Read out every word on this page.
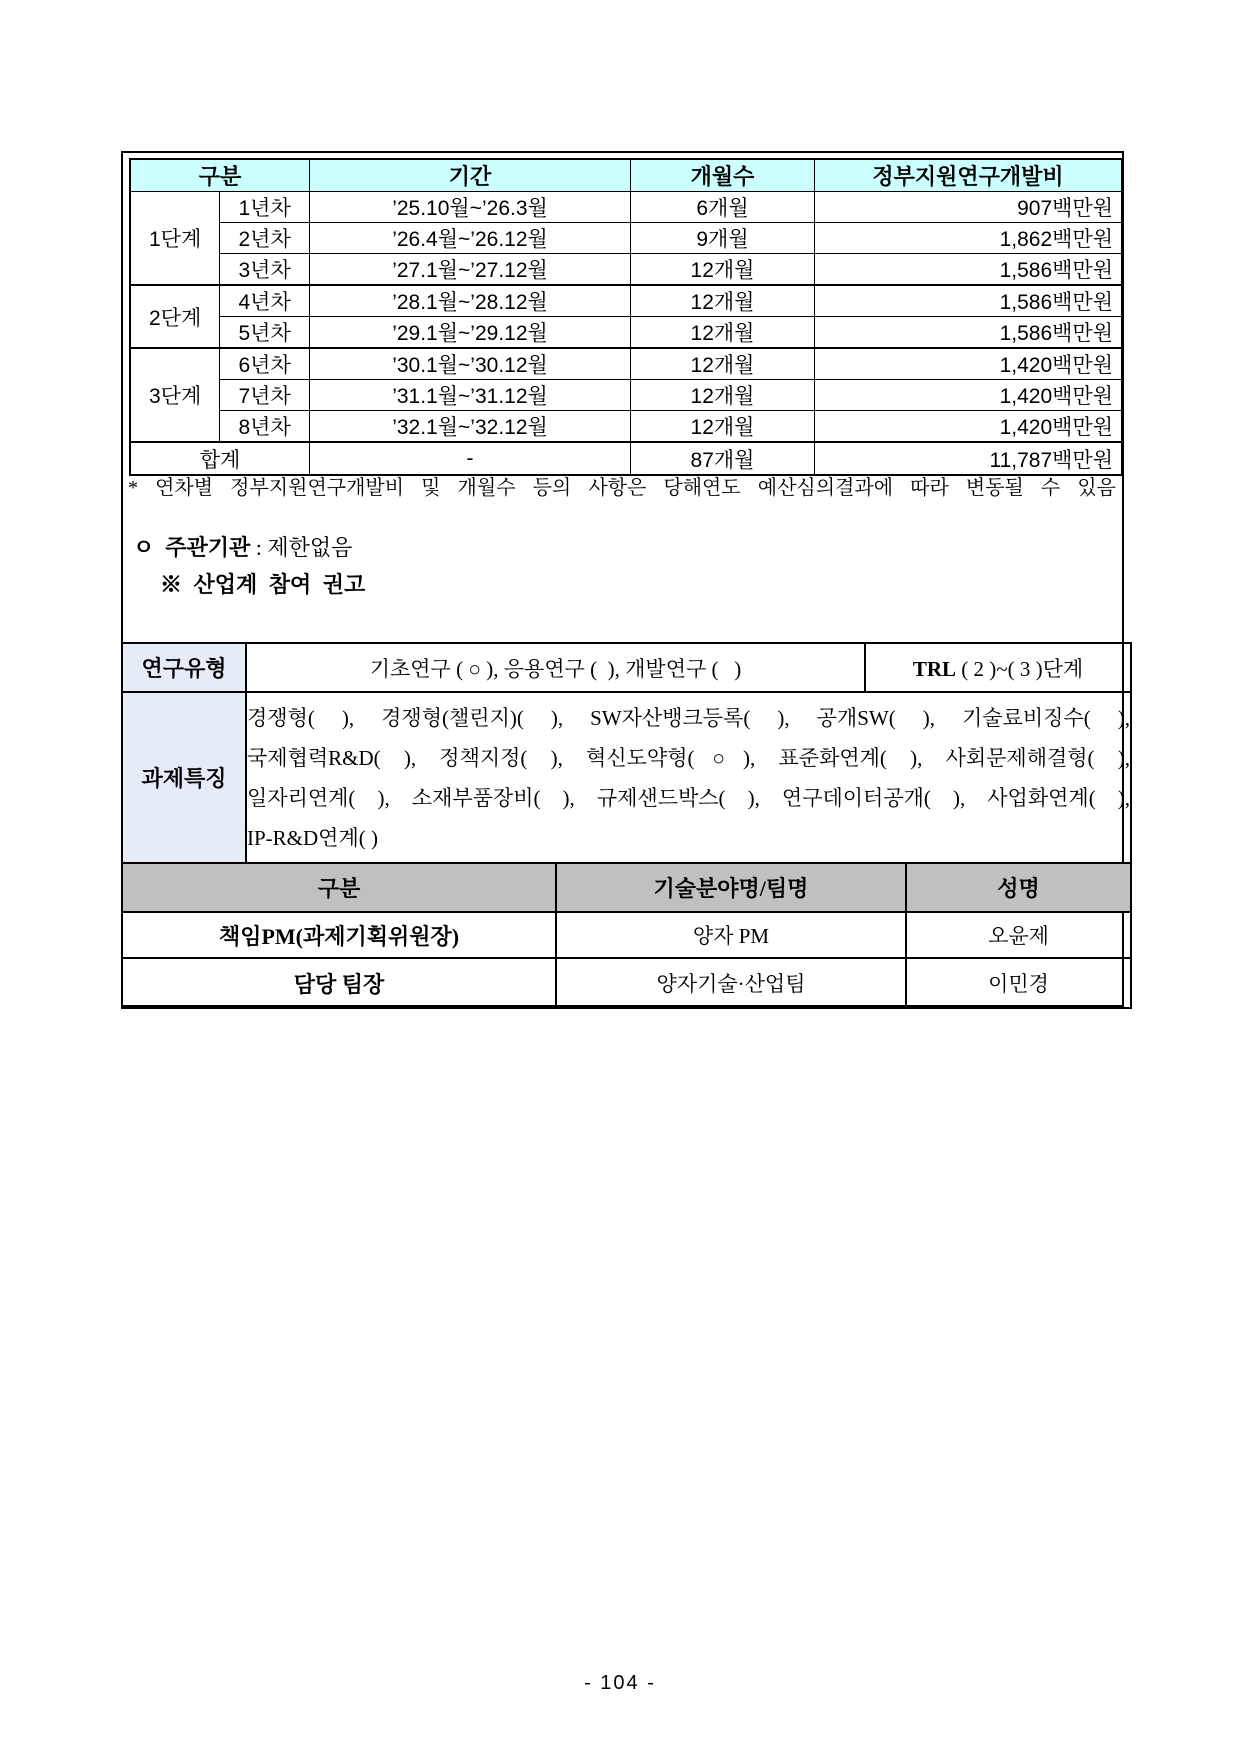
구분		기간	개월수	정부지원연구개발비
1단계	1년차	’25.10월~’26.3월	6개월	907백만원
	2년차	’26.4월~’26.12월	9개월	1,862백만원
	3년차	’27.1월~’27.12월	12개월	1,586백만원
2단계	4년차	’28.1월~’28.12월	12개월	1,586백만원
	5년차	’29.1월~’29.12월	12개월	1,586백만원
3단계	6년차	’30.1월~’30.12월	12개월	1,420백만원
	7년차	’31.1월~’31.12월	12개월	1,420백만원
	8년차	’32.1월~’32.12월	12개월	1,420백만원
합계		-	87개월	11,787백만원
* 연차별 정부지원연구개발비 및 개월수 등의 사항은 당해연도 예산심의결과에 따라 변동될 수 있음
ㅇ  주관기관 : 제한없음
※ 산업계 참여 권고
연구유형	기초연구 ( ○ ), 응용연구 (  ), 개발연구 (   )	TRL ( 2 )~( 3 )단계
과제특징	경쟁형( ), 경쟁형(챌린지)( ), SW자산뱅크등록( ), 공개SW( ), 기술료비징수( ),
국제협력R&D( ), 정책지정( ), 혁신도약형(○), 표준화연계( ), 사회문제해결형( ),
일자리연계( ), 소재부품장비( ), 규제샌드박스( ), 연구데이터공개( ), 사업화연계( ),
IP-R&D연계( )	
구분	기술분야명/팀명	성명
책임PM(과제기획위원장)	양자 PM	오윤제
담당 팀장	양자기술·산업팀	이민경
- 104 -
